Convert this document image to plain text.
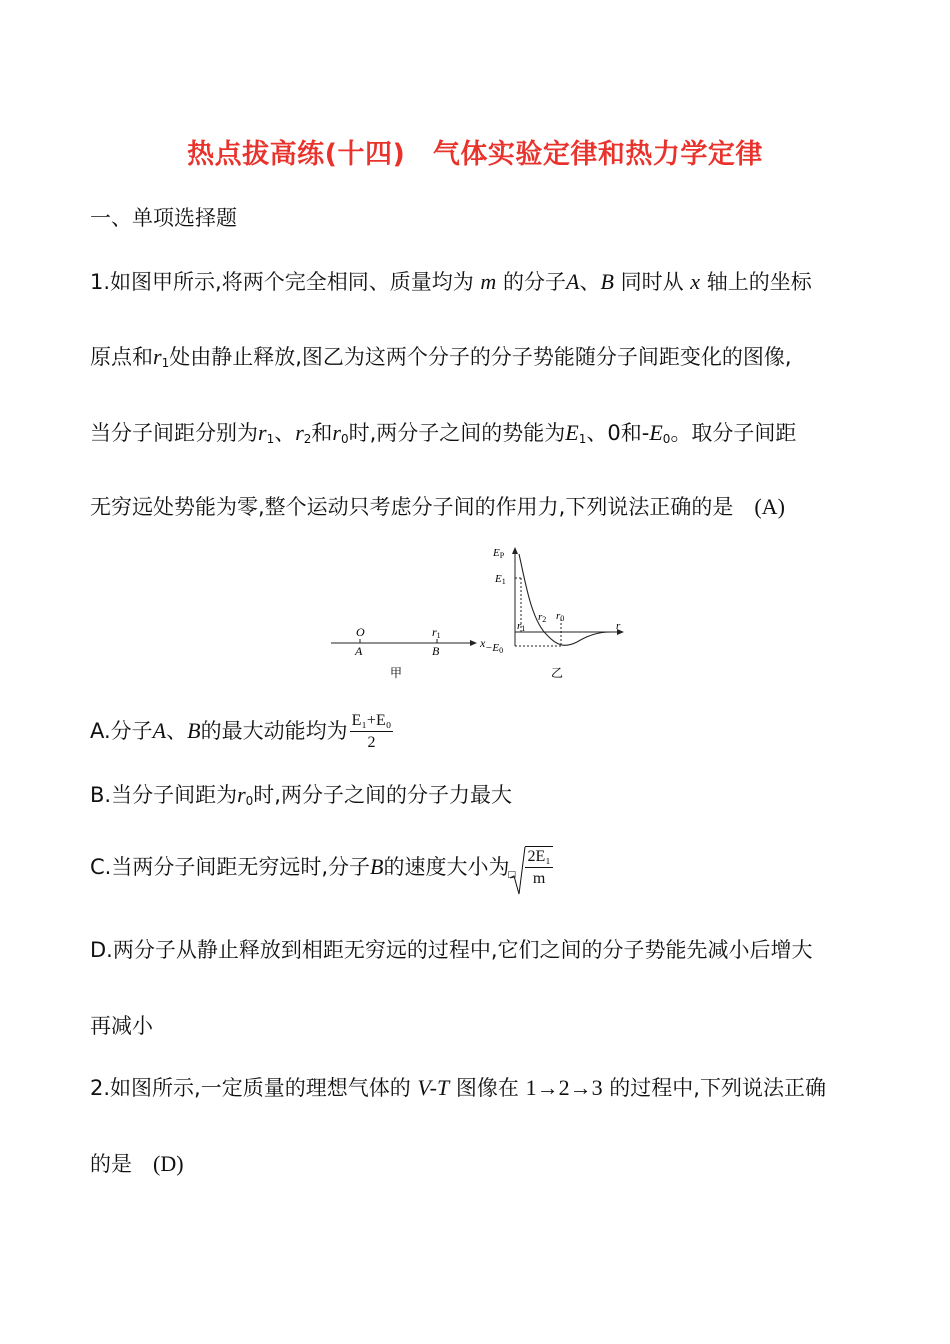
热点拔高练(十四)　气体实验定律和热力学定律
一、单项选择题
1.如图甲所示,将两个完全相同、质量均为 m 的分子A、B 同时从 x 轴上的坐标
原点和$r_1$处由静止释放,图乙为这两个分子的分子势能随分子间距变化的图像,
当分子间距分别为$r_1$、$r_2$和$r_0$时,两分子之间的势能为$E_1$、0和$-E_0$。取分子间距
无穷远处势能为零,整个运动只考虑分子间的作用力,下列说法正确的是　 (A)
O
A
r1
B
x
甲
EP
E1
−E0
r1
r2 r0
r
乙
A.分子A、B的最大动能均为 $\frac{\text{E₁+E₀}}{2}$
B.当分子间距为$r_0$时,两分子之间的分子力最大
C.当两分子间距无穷远时,分子B的速度大小为
□ $\frac{\text{2E₁}}{m}$
D.两分子从静止释放到相距无穷远的过程中,它们之间的分子势能先减小后增大
再减小
2.如图所示,一定质量的理想气体的 V-T 图像在 1→2→3 的过程中,下列说法正确
的是　 (D)
